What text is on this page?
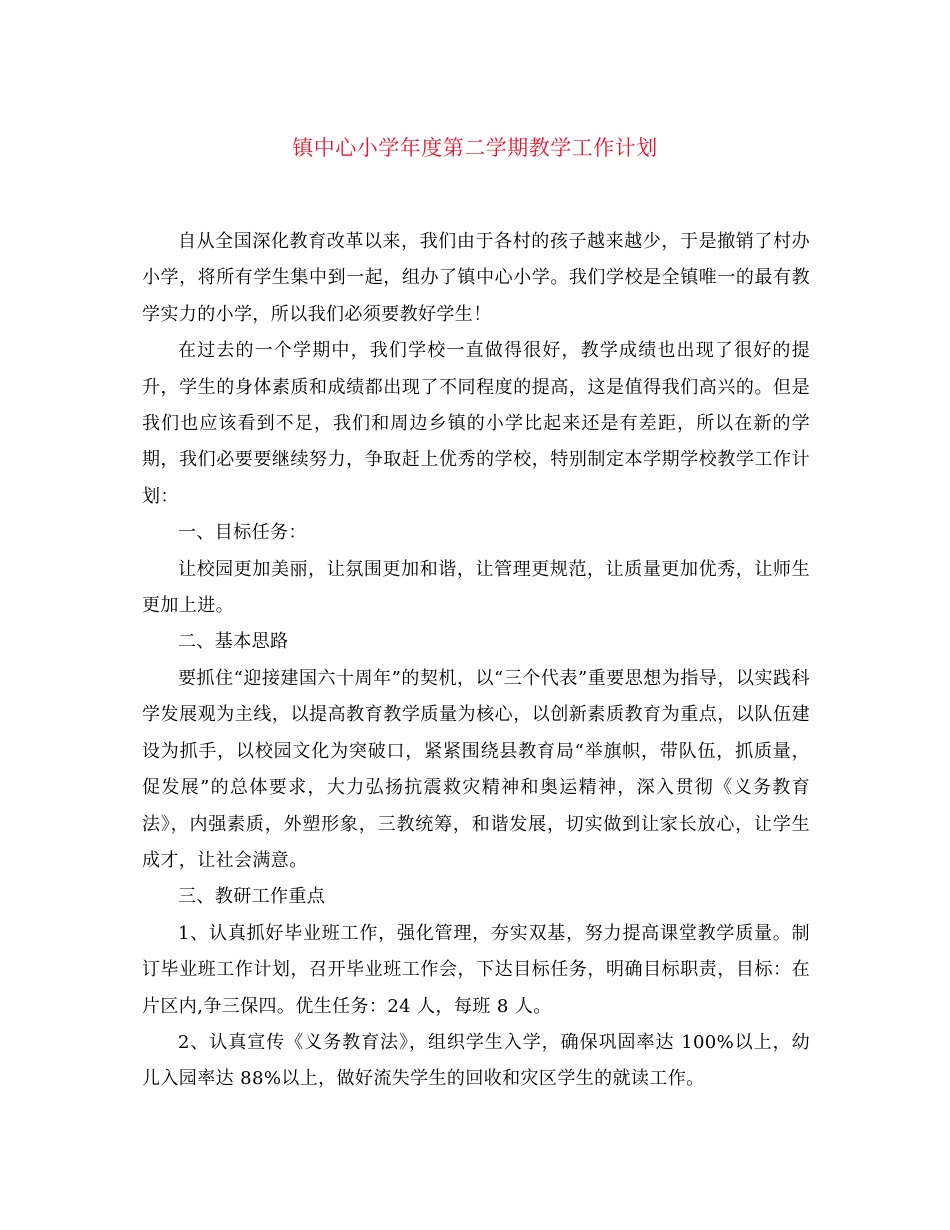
镇中心小学年度第二学期教学工作计划

自从全国深化教育改革以来，我们由于各村的孩子越来越少，于是撤销了村办小学，将所有学生集中到一起，组办了镇中心小学。我们学校是全镇唯一的最有教学实力的小学，所以我们必须要教好学生！

在过去的一个学期中，我们学校一直做得很好，教学成绩也出现了很好的提升，学生的身体素质和成绩都出现了不同程度的提高，这是值得我们高兴的。但是我们也应该看到不足，我们和周边乡镇的小学比起来还是有差距，所以在新的学期，我们必要要继续努力，争取赶上优秀的学校，特别制定本学期学校教学工作计划：

一、目标任务：

让校园更加美丽，让氛围更加和谐，让管理更规范，让质量更加优秀，让师生更加上进。

二、基本思路

要抓住“迎接建国六十周年”的契机，以“三个代表”重要思想为指导，以实践科学发展观为主线，以提高教育教学质量为核心，以创新素质教育为重点，以队伍建设为抓手，以校园文化为突破口，紧紧围绕县教育局“举旗帜，带队伍，抓质量，促发展”的总体要求，大力弘扬抗震救灾精神和奥运精神，深入贯彻《义务教育法》，内强素质，外塑形象，三教统筹，和谐发展，切实做到让家长放心，让学生成才，让社会满意。

三、教研工作重点

1、认真抓好毕业班工作，强化管理，夯实双基，努力提高课堂教学质量。制订毕业班工作计划，召开毕业班工作会，下达目标任务，明确目标职责，目标：在片区内,争三保四。优生任务：24 人，每班 8 人。

2、认真宣传《义务教育法》，组织学生入学，确保巩固率达 100%以上，幼儿入园率达 88%以上，做好流失学生的回收和灾区学生的就读工作。
